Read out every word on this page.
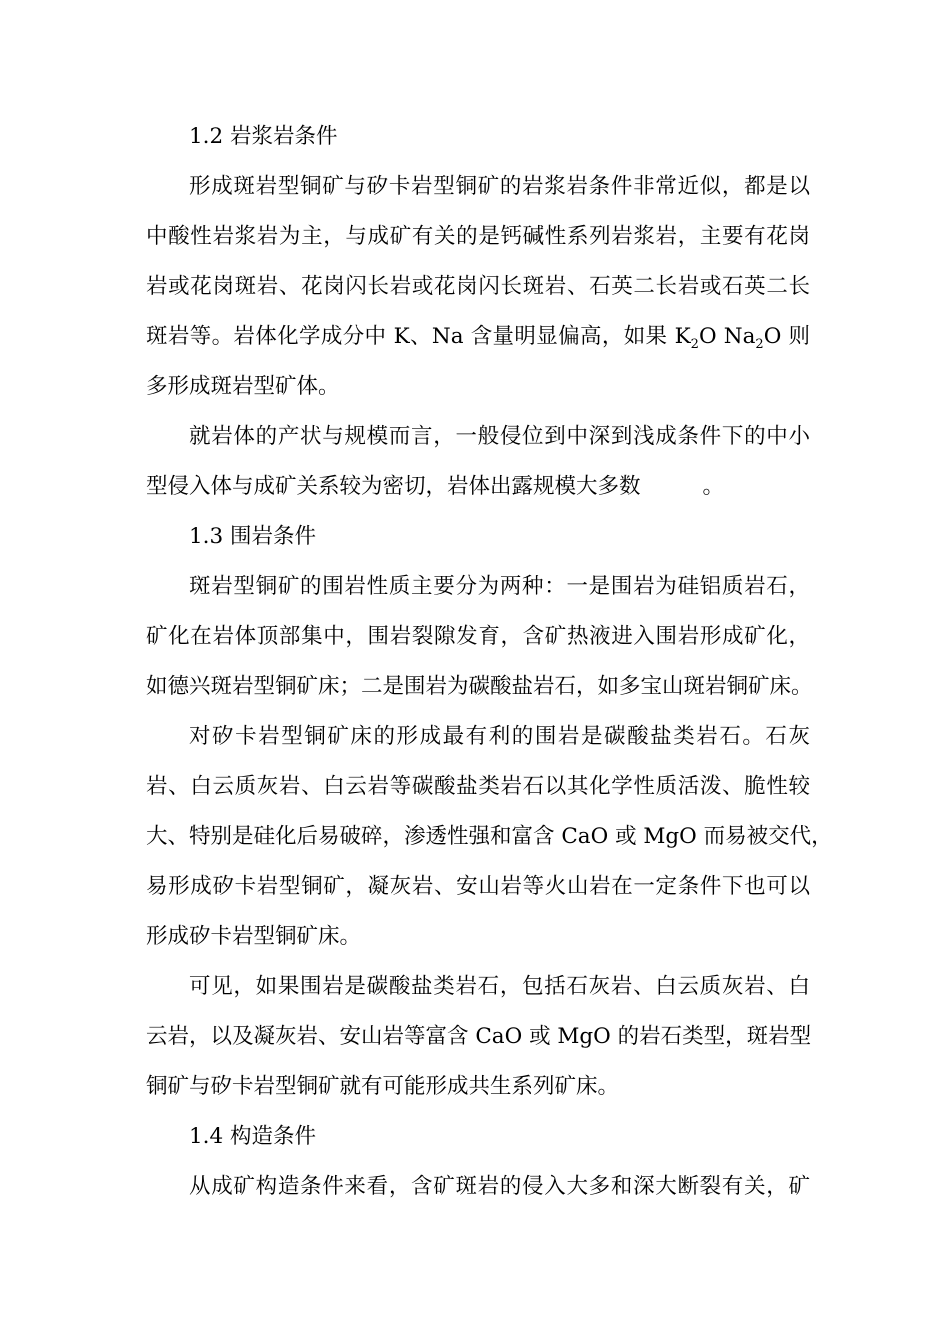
1.2 岩浆岩条件
形成斑岩型铜矿与矽卡岩型铜矿的岩浆岩条件非常近似，都是以
中酸性岩浆岩为主，与成矿有关的是钙碱性系列岩浆岩，主要有花岗
岩或花岗斑岩、花岗闪长岩或花岗闪长斑岩、石英二长岩或石英二长
斑岩等。岩体化学成分中 K、Na 含量明显偏高，如果 $K_2O$ $Na_2O$ 则
多形成斑岩型矿体。
就岩体的产状与规模而言，一般侵位到中深到浅成条件下的中小
型侵入体与成矿关系较为密切，岩体出露规模大多数	。
1.3 围岩条件
斑岩型铜矿的围岩性质主要分为两种：一是围岩为硅铝质岩石，
矿化在岩体顶部集中，围岩裂隙发育，含矿热液进入围岩形成矿化，
如德兴斑岩型铜矿床；二是围岩为碳酸盐岩石，如多宝山斑岩铜矿床。
对矽卡岩型铜矿床的形成最有利的围岩是碳酸盐类岩石。石灰
岩、白云质灰岩、白云岩等碳酸盐类岩石以其化学性质活泼、脆性较
大、特别是硅化后易破碎，渗透性强和富含 CaO 或 MgO 而易被交代，
易形成矽卡岩型铜矿，凝灰岩、安山岩等火山岩在一定条件下也可以
形成矽卡岩型铜矿床。
可见，如果围岩是碳酸盐类岩石，包括石灰岩、白云质灰岩、白
云岩，以及凝灰岩、安山岩等富含 CaO 或 MgO 的岩石类型，斑岩型
铜矿与矽卡岩型铜矿就有可能形成共生系列矿床。
1.4 构造条件
从成矿构造条件来看，含矿斑岩的侵入大多和深大断裂有关，矿
